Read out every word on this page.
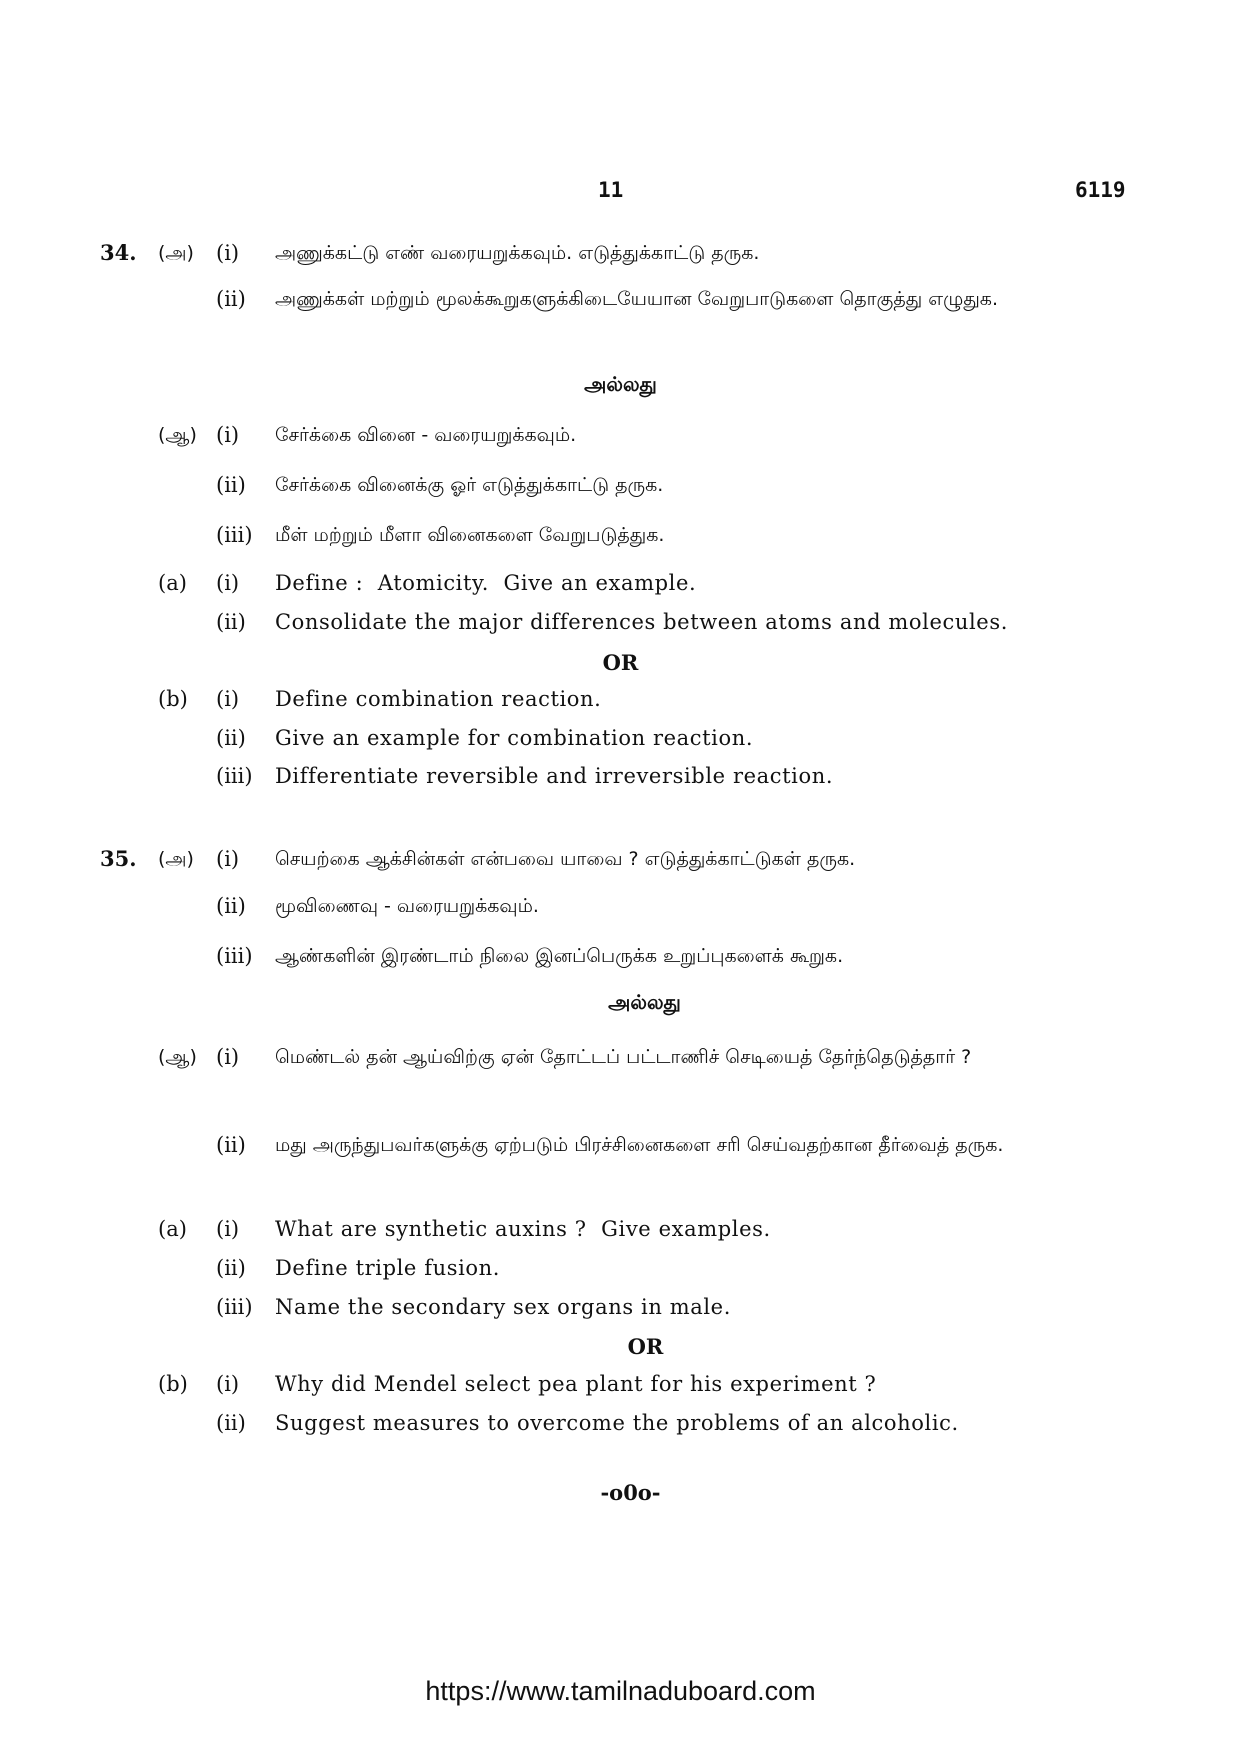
11	6119
34. (அ) (i) அணுக்கட்டு எண் வரையறுக்கவும். எடுத்துக்காட்டு தருக.
(ii) அணுக்கள் மற்றும் மூலக்கூறுகளுக்கிடையேயான வேறுபாடுகளை தொகுத்து எழுதுக.
அல்லது
(ஆ) (i) சேர்க்கை வினை - வரையறுக்கவும்.
(ii) சேர்க்கை வினைக்கு ஓர் எடுத்துக்காட்டு தருக.
(iii) மீள் மற்றும் மீளா வினைகளை வேறுபடுத்துக.
(a) (i) Define :  Atomicity.  Give an example.
(ii) Consolidate the major differences between atoms and molecules.
OR
(b) (i) Define combination reaction.
(ii) Give an example for combination reaction.
(iii) Differentiate reversible and irreversible reaction.
35. (அ) (i) செயற்கை ஆக்சின்கள் என்பவை யாவை ? எடுத்துக்காட்டுகள் தருக.
(ii) மூவிணைவு - வரையறுக்கவும்.
(iii) ஆண்களின் இரண்டாம் நிலை இனப்பெருக்க உறுப்புகளைக் கூறுக.
அல்லது
(ஆ) (i) மெண்டல் தன் ஆய்விற்கு ஏன் தோட்டப் பட்டாணிச் செடியைத் தேர்ந்தெடுத்தார் ?
(ii) மது அருந்துபவர்களுக்கு ஏற்படும் பிரச்சினைகளை சரி செய்வதற்கான தீர்வைத் தருக.
(a) (i) What are synthetic auxins ?  Give examples.
(ii) Define triple fusion.
(iii) Name the secondary sex organs in male.
OR
(b) (i) Why did Mendel select pea plant for his experiment ?
(ii) Suggest measures to overcome the problems of an alcoholic.
-o0o-
https://www.tamilnaduboard.com
